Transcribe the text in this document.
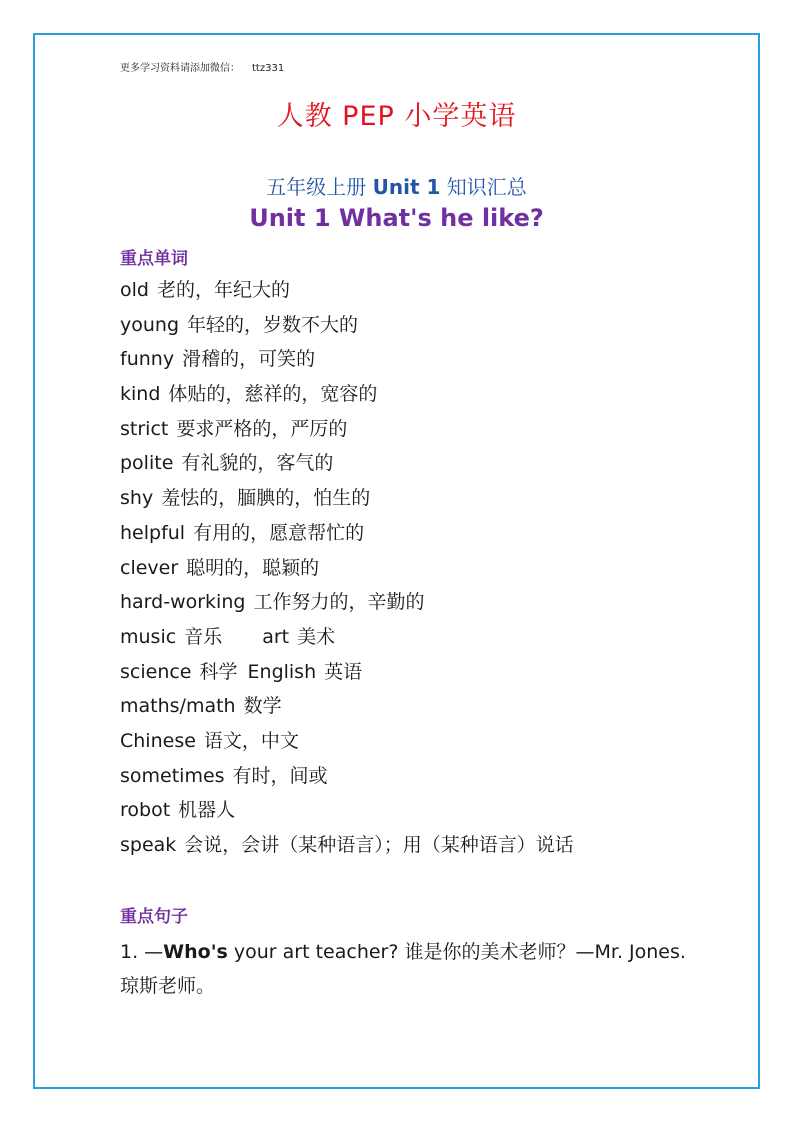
更多学习资料请添加微信： ttz331
人教 PEP 小学英语
五年级上册 Unit 1 知识汇总
Unit 1 What's he like?
重点单词
old 老的，年纪大的
young 年轻的，岁数不大的
funny 滑稽的，可笑的
kind 体贴的，慈祥的，宽容的
strict 要求严格的，严厉的
polite 有礼貌的，客气的
shy 羞怯的，腼腆的，怕生的
helpful 有用的，愿意帮忙的
clever 聪明的，聪颖的
hard-working 工作努力的，辛勤的
music 音乐 art 美术
science 科学 English 英语
maths/math 数学
Chinese 语文，中文
sometimes 有时，间或
robot 机器人
speak 会说，会讲（某种语言）；用（某种语言）说话
重点句子
1. —Who's your art teacher? 谁是你的美术老师？—Mr. Jones.琼斯老师。
